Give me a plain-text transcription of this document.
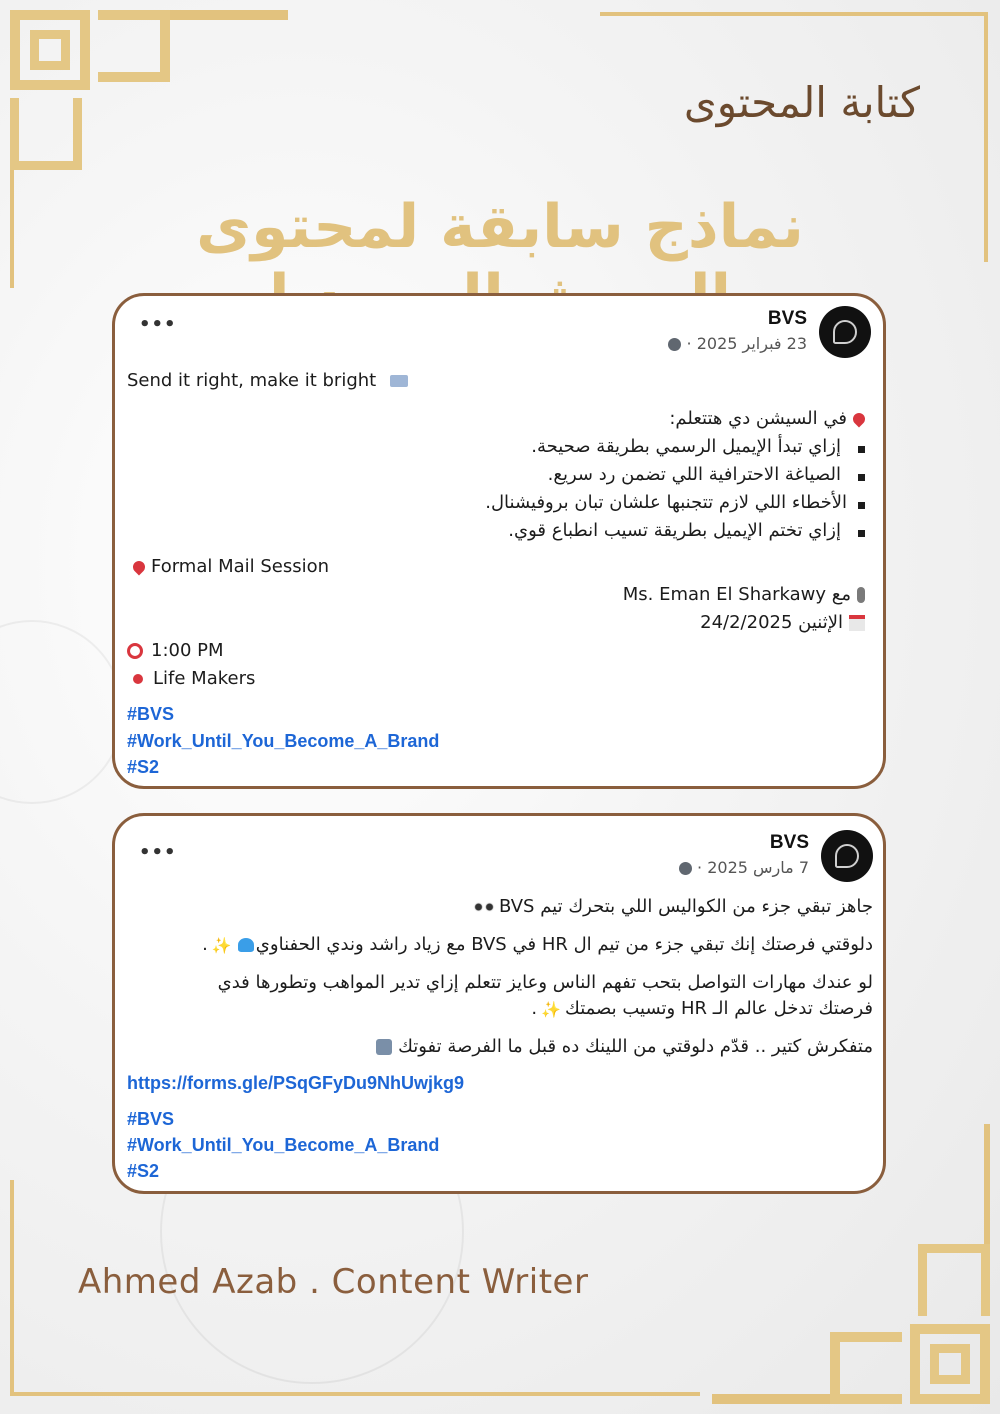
كتابة المحتوى
نماذج سابقة لمحتوى
BVS
23 فبراير 2025 ·
•••
Send it right, make it bright
في السيشن دي هتتعلم:
إزاي تبدأ الإيميل الرسمي بطريقة صحيحة.
الصياغة الاحترافية اللي تضمن رد سريع.
الأخطاء اللي لازم تتجنبها علشان تبان بروفيشنال.
إزاي تختم الإيميل بطريقة تسيب انطباع قوي.
Formal Mail Session
مع Ms. Eman El Sharkawy
الإثنين 24/2/2025
1:00 PM
Life Makers
#BVS
#Work_Until_You_Become_A_Brand
#S2
BVS
7 مارس 2025 ·
•••
جاهز تبقي جزء من الكواليس اللي بتحرك تيم BVS
دلوقتي فرصتك إنك تبقي جزء من تيم ال HR في BVS مع زياد راشد وندي الحفناوي✨.
لو عندك مهارات التواصل بتحب تفهم الناس وعايز تتعلم إزاي تدير المواهب وتطورها فدي
فرصتك تدخل عالم الـ HR وتسيب بصمتك✨.
متفكرش كتير .. قدّم دلوقتي من اللينك ده قبل ما الفرصة تفوتك
https://forms.gle/PSqGFyDu9NhUwjkg9
#BVS
#Work_Until_You_Become_A_Brand
#S2
Ahmed Azab . Content Writer
